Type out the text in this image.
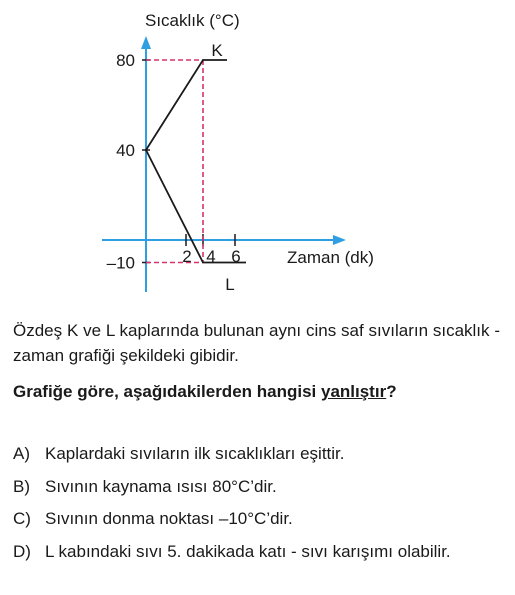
80
40
–10	2 4 6
K
L
Sıcaklık (°C)
Zaman (dk)

Özdeş K ve L kaplarında bulunan aynı cins saf sıvıların sıcaklık - zaman grafiği şekildeki gibidir.

Grafiğe göre, aşağıdakilerden hangisi yanlıştır?

A) Kaplardaki sıvıların ilk sıcaklıkları eşittir.
B) Sıvının kaynama ısısı 80°C’dir.
C) Sıvının donma noktası –10°C’dir.
D) L kabındaki sıvı 5. dakikada katı - sıvı karışımı olabilir.
